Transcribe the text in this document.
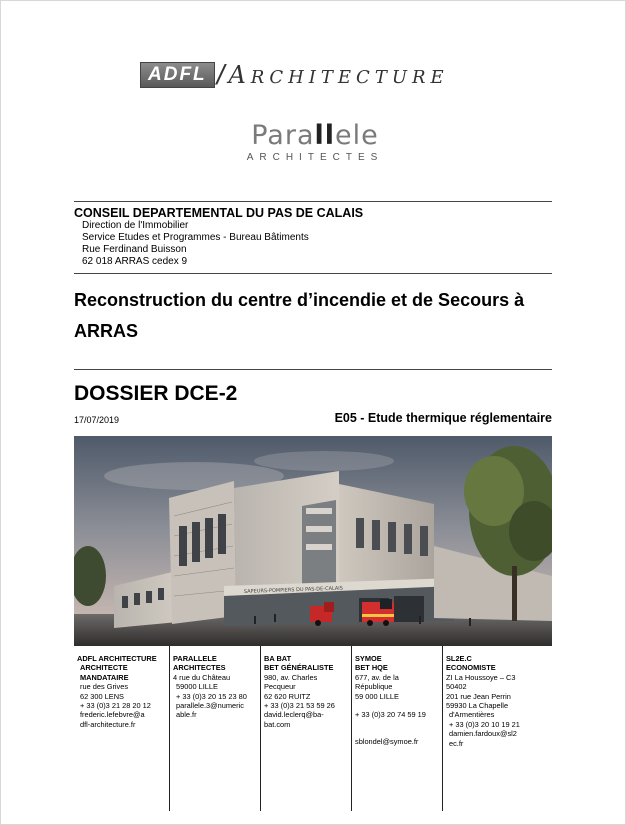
ADFL / ARCHITECTURE
Parallele
ARCHITECTES
CONSEIL DEPARTEMENTAL DU PAS DE CALAIS
Direction de l'Immobilier
Service Etudes et Programmes - Bureau Bâtiments
Rue Ferdinand Buisson
62 018 ARRAS cedex 9
Reconstruction du centre d’incendie et de Secours à ARRAS
DOSSIER DCE-2
17/07/2019	E05 - Etude thermique réglementaire
SAPEURS-POMPIERS DU PAS-DE-CALAIS
ADFL ARCHITECTURE
ARCHITECTE
MANDATAIRE
rue des Grives
62 300 LENS
+ 33 (0)3 21 28 20 12
frederic.lefebvre@a
dfl-architecture.fr
PARALLELE
ARCHITECTES
4 rue du Château
59000 LILLE
+ 33 (0)3 20 15 23 80
parallele.3@numeric
able.fr
BA BAT
BET GÉNÉRALISTE
980, av. Charles
Pecqueur
62 620 RUITZ
+ 33 (0)3 21 53 59 26
david.leclerq@ba-
bat.com
SYMOE
BET HQE
677, av. de la
République
59 000 LILLE
+ 33 (0)3 20 74 59 19
sblondel@symoe.fr
SL2E.C
ECONOMISTE
ZI La Houssoye – C3
50402
201 rue Jean Perrin
59930 La Chapelle
d'Armentières
+ 33 (0)3 20 10 19 21
damien.fardoux@sl2
ec.fr
